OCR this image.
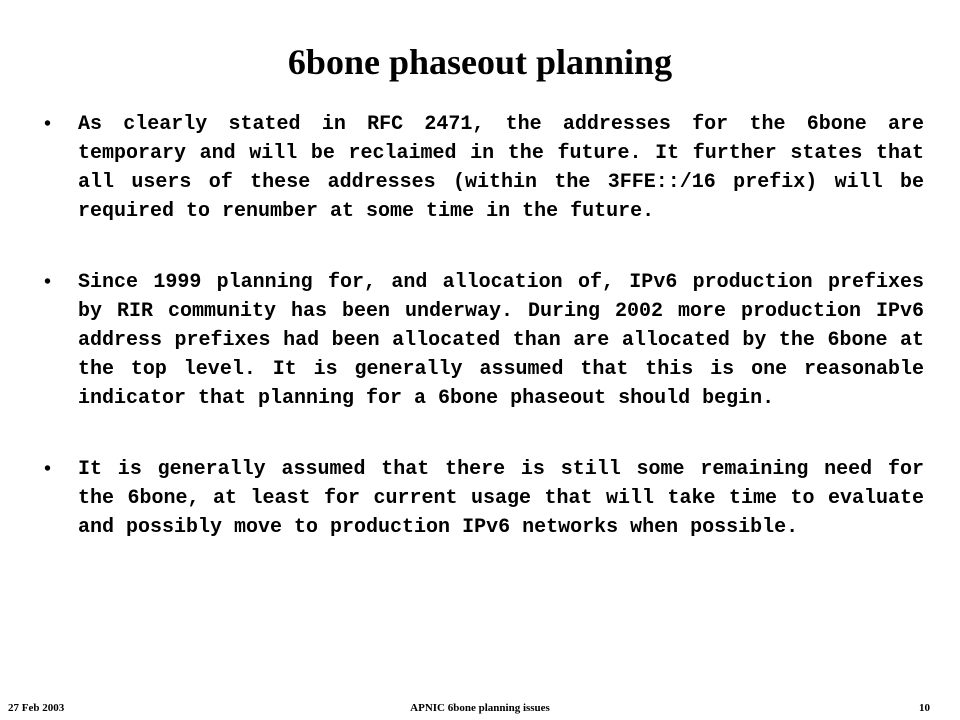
6bone phaseout planning
• As clearly stated in RFC 2471, the addresses for the 6bone are temporary and will be reclaimed in the future. It further states that all users of these addresses (within the 3FFE::/16 prefix) will be required to renumber at some time in the future.
• Since 1999 planning for, and allocation of, IPv6 production prefixes by RIR community has been underway. During 2002 more production IPv6 address prefixes had been allocated than are allocated by the 6bone at the top level. It is generally assumed that this is one reasonable indicator that planning for a 6bone phaseout should begin.
• It is generally assumed that there is still some remaining need for the 6bone, at least for current usage that will take time to evaluate and possibly move to production IPv6 networks when possible.
27 Feb 2003	APNIC 6bone planning issues	10
